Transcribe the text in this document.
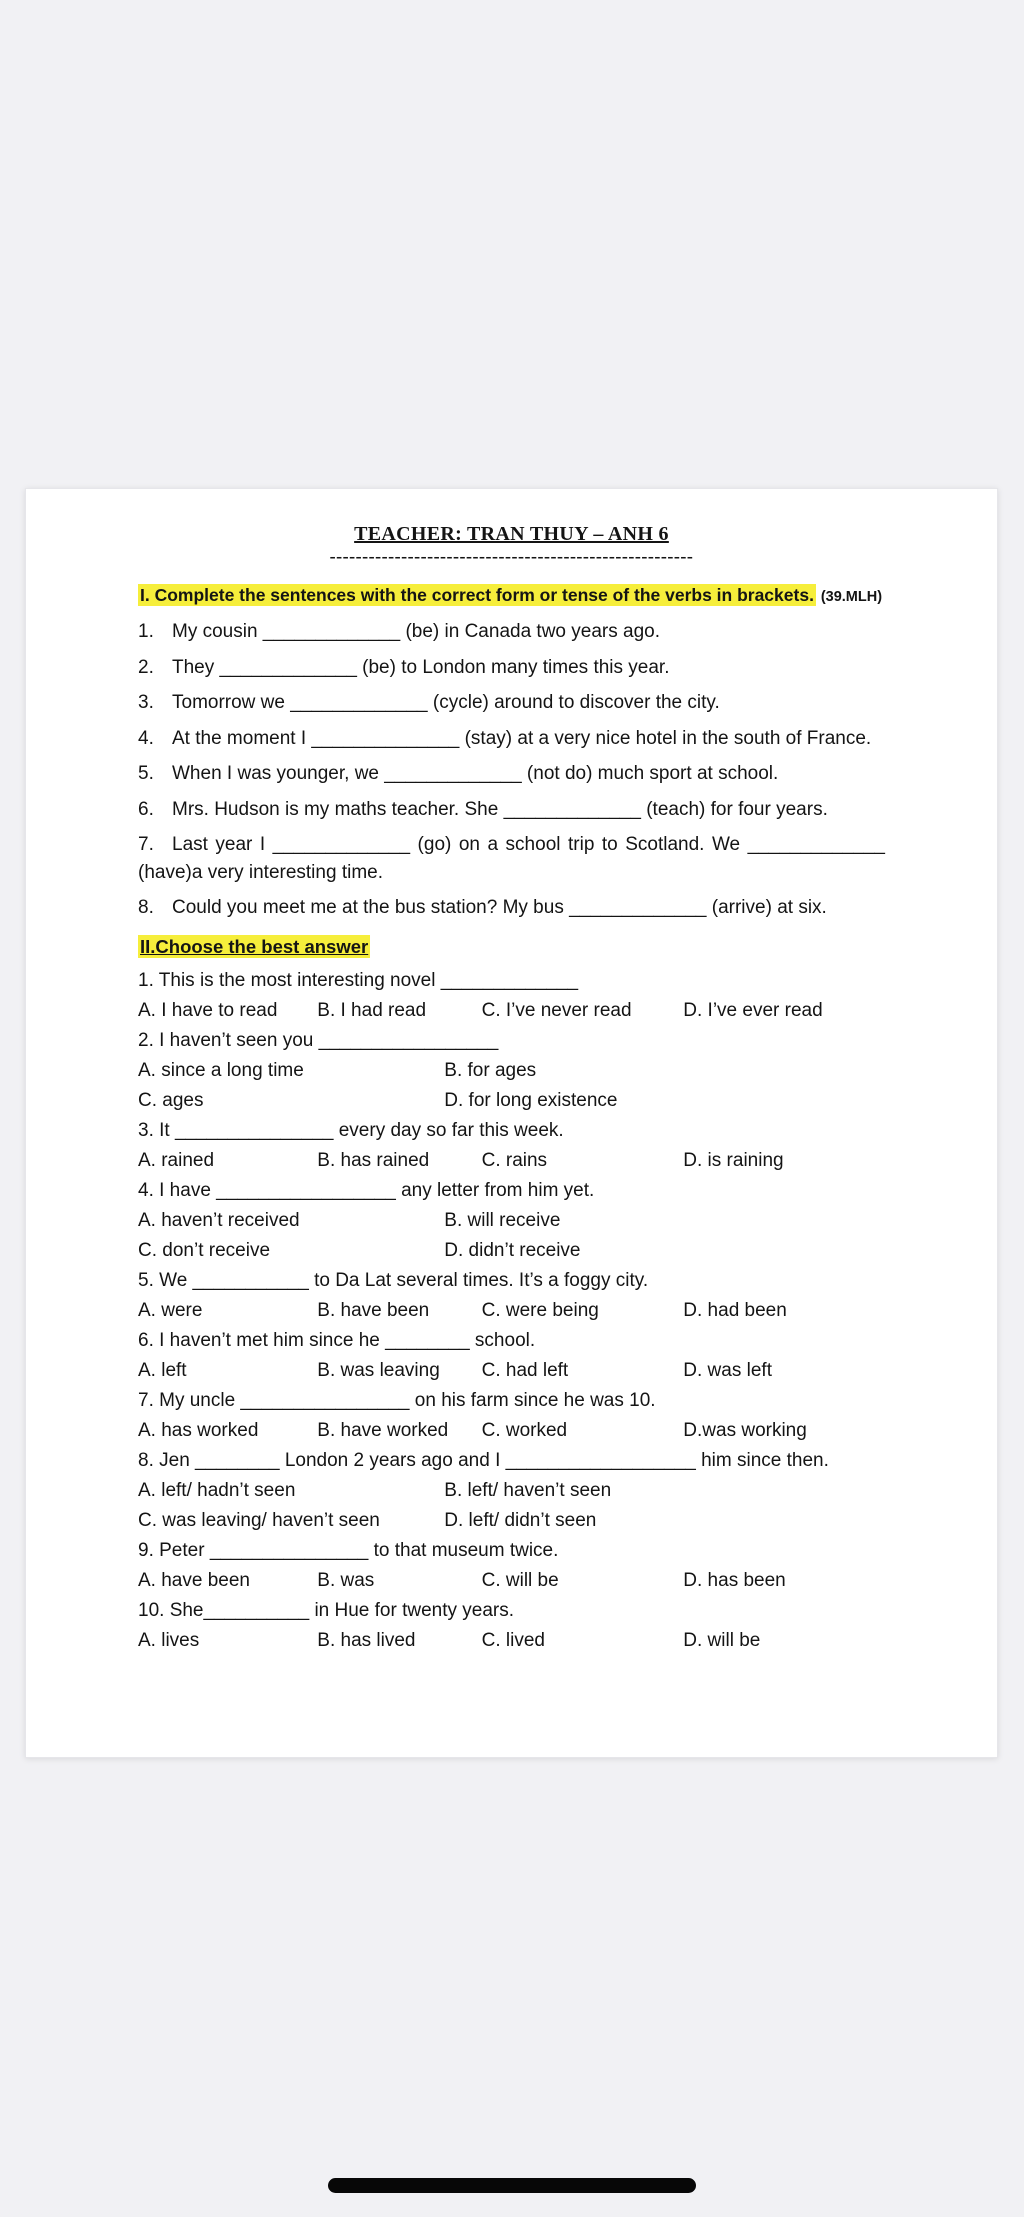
TEACHER: TRAN THUY – ANH 6

--------------------------------------------------------

I. Complete the sentences with the correct form or tense of the verbs in brackets. (39.MLH)

1. My cousin _____________ (be) in Canada two years ago.

2. They _____________ (be) to London many times this year.

3. Tomorrow we _____________ (cycle) around to discover the city.

4. At the moment I ______________ (stay) at a very nice hotel in the south of France.

5. When I was younger, we _____________ (not do) much sport at school.

6. Mrs. Hudson is my maths teacher. She _____________ (teach) for four years.

7. Last year I _____________ (go) on a school trip to Scotland. We _____________ (have)a very interesting time.

8. Could you meet me at the bus station? My bus _____________ (arrive) at six.

II.Choose the best answer

1. This is the most interesting novel _____________

A. I have to read	B. I had read	C. I’ve never read	D. I’ve ever read

2. I haven’t seen you _________________

A. since a long time	B. for ages
C. ages	D. for long existence

3. It _______________ every day so far this week.

A. rained	B. has rained	C. rains	D. is raining

4. I have _________________ any letter from him yet.

A. haven’t received	B. will receive
C. don’t receive	D. didn’t receive

5. We ___________ to Da Lat several times. It’s a foggy city.

A. were	B. have been	C. were being	D. had been

6. I haven’t met him since he ________ school.

A. left	B. was leaving	C. had left	D. was left

7. My uncle ________________ on his farm since he was 10.

A. has worked	B. have worked	C. worked	D.was working

8. Jen ________ London 2 years ago and I __________________ him since then.

A. left/ hadn’t seen	B. left/ haven’t seen
C. was leaving/ haven’t seen	D. left/ didn’t seen

9. Peter _______________ to that museum twice.

A. have been	B. was	C. will be	D. has been

10. She__________ in Hue for twenty years.

A. lives	B. has lived	C. lived	D. will be
